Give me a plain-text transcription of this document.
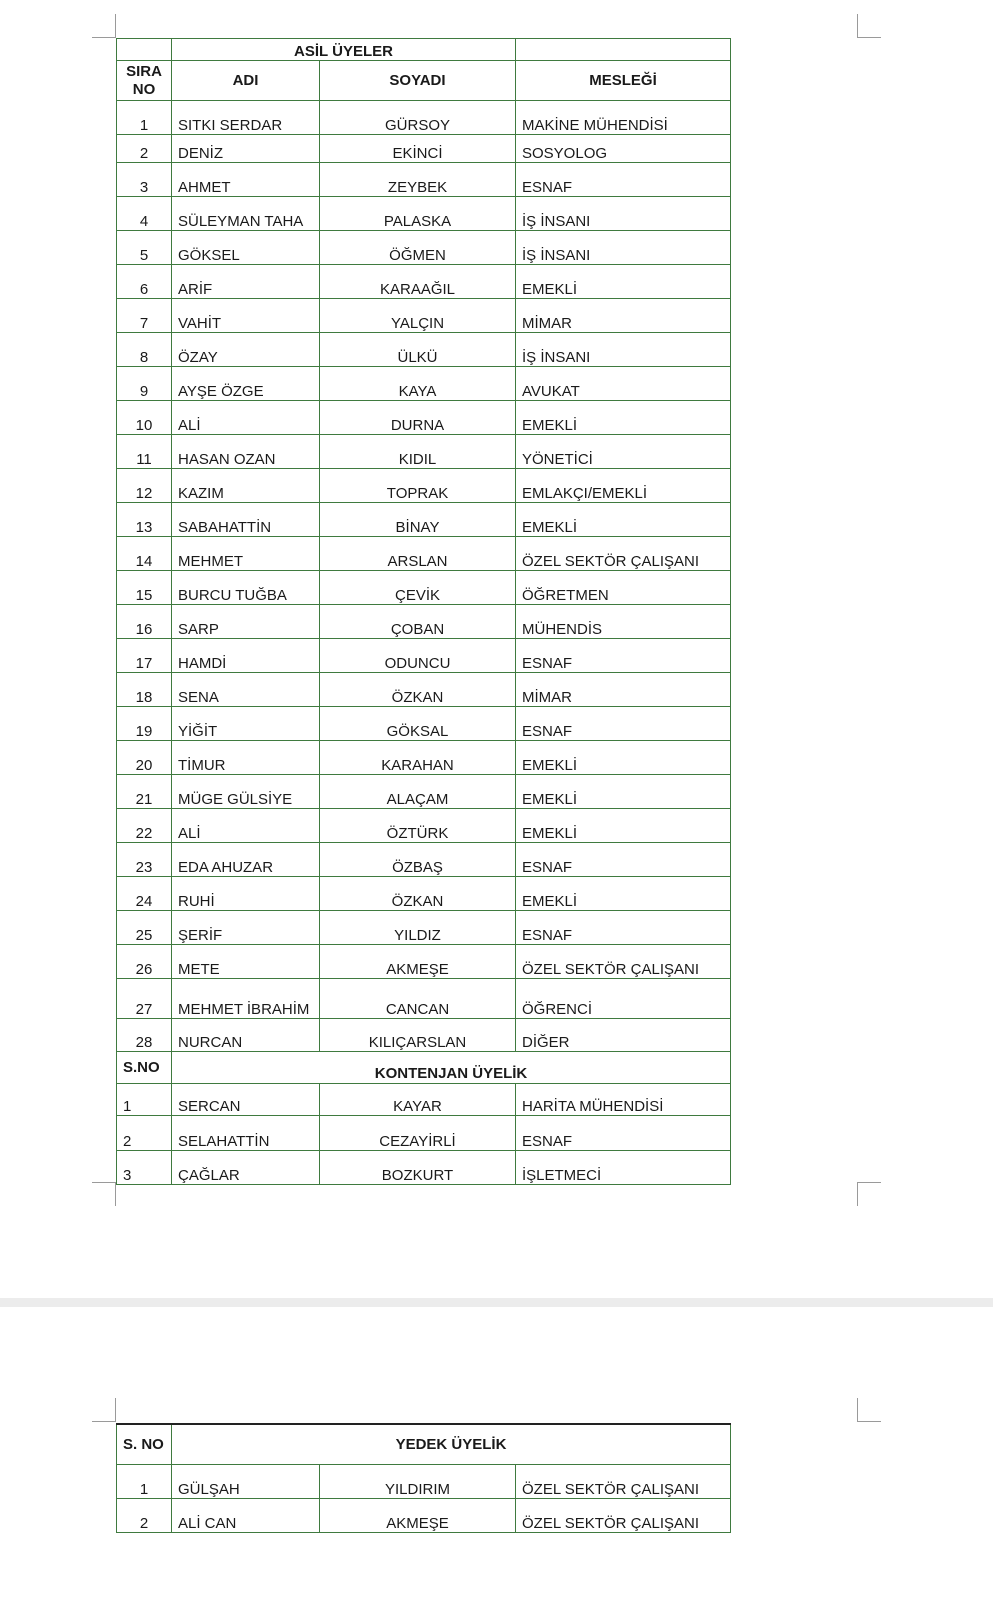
	ASİL ÜYELER		
SIRA NO	ADI	SOYADI	MESLEĞİ
1	SITKI SERDAR	GÜRSOY	MAKİNE MÜHENDİSİ
2	DENİZ	EKİNCİ	SOSYOLOG
3	AHMET	ZEYBEK	ESNAF
4	SÜLEYMAN TAHA	PALASKA	İŞ İNSANI
5	GÖKSEL	ÖĞMEN	İŞ İNSANI
6	ARİF	KARAAĞIL	EMEKLİ
7	VAHİT	YALÇIN	MİMAR
8	ÖZAY	ÜLKÜ	İŞ İNSANI
9	AYŞE ÖZGE	KAYA	AVUKAT
10	ALİ	DURNA	EMEKLİ
11	HASAN OZAN	KIDIL	YÖNETİCİ
12	KAZIM	TOPRAK	EMLAKÇI/EMEKLİ
13	SABAHATTİN	BİNAY	EMEKLİ
14	MEHMET	ARSLAN	ÖZEL SEKTÖR ÇALIŞANI
15	BURCU TUĞBA	ÇEVİK	ÖĞRETMEN
16	SARP	ÇOBAN	MÜHENDİS
17	HAMDİ	ODUNCU	ESNAF
18	SENA	ÖZKAN	MİMAR
19	YİĞİT	GÖKSAL	ESNAF
20	TİMUR	KARAHAN	EMEKLİ
21	MÜGE GÜLSİYE	ALAÇAM	EMEKLİ
22	ALİ	ÖZTÜRK	EMEKLİ
23	EDA AHUZAR	ÖZBAŞ	ESNAF
24	RUHİ	ÖZKAN	EMEKLİ
25	ŞERİF	YILDIZ	ESNAF
26	METE	AKMEŞE	ÖZEL SEKTÖR ÇALIŞANI
27	MEHMET İBRAHİM	CANCAN	ÖĞRENCİ
28	NURCAN	KILIÇARSLAN	DİĞER
S.NO	KONTENJAN ÜYELİK		
1	SERCAN	KAYAR	HARİTA MÜHENDİSİ
2	SELAHATTİN	CEZAYİRLİ	ESNAF
3	ÇAĞLAR	BOZKURT	İŞLETMECİ
S. NO	YEDEK ÜYELİK		
1	GÜLŞAH	YILDIRIM	ÖZEL SEKTÖR ÇALIŞANI
2	ALİ CAN	AKMEŞE	ÖZEL SEKTÖR ÇALIŞANI
